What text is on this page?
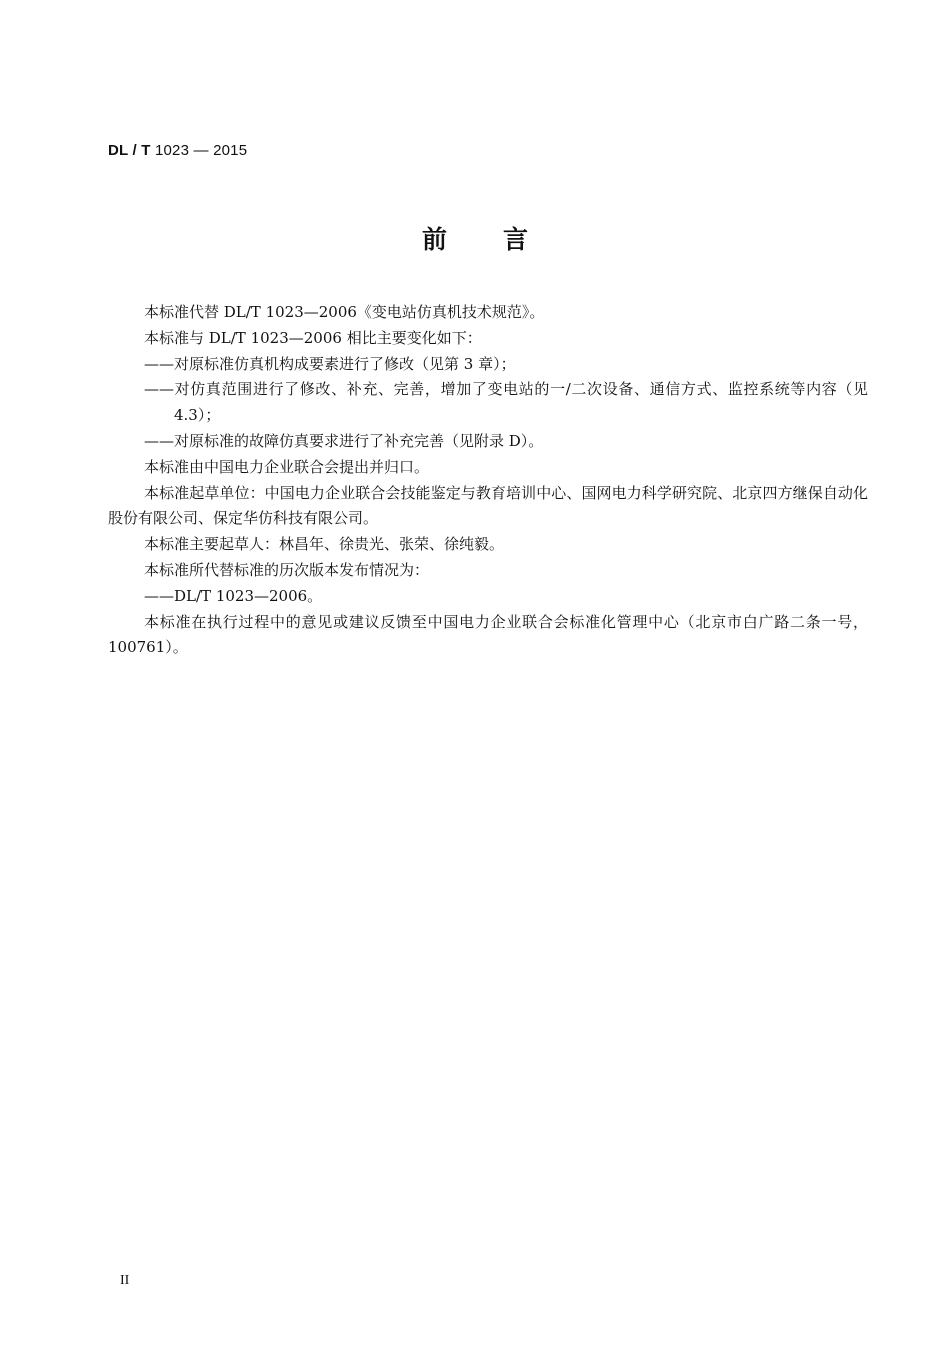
DL / T 1023 — 2015
前言

本标准代替 DL/T 1023—2006《变电站仿真机技术规范》。

本标准与 DL/T 1023—2006 相比主要变化如下：

——对原标准仿真机构成要素进行了修改（见第 3 章）；

——对仿真范围进行了修改、补充、完善，增加了变电站的一/二次设备、通信方式、监控系统等内容（见 4.3）；

——对原标准的故障仿真要求进行了补充完善（见附录 D）。

本标准由中国电力企业联合会提出并归口。

本标准起草单位：中国电力企业联合会技能鉴定与教育培训中心、国网电力科学研究院、北京四方继保自动化股份有限公司、保定华仿科技有限公司。

本标准主要起草人：林昌年、徐贵光、张荣、徐纯毅。

本标准所代替标准的历次版本发布情况为：

——DL/T 1023—2006。

本标准在执行过程中的意见或建议反馈至中国电力企业联合会标准化管理中心（北京市白广路二条一号，100761）。

II
